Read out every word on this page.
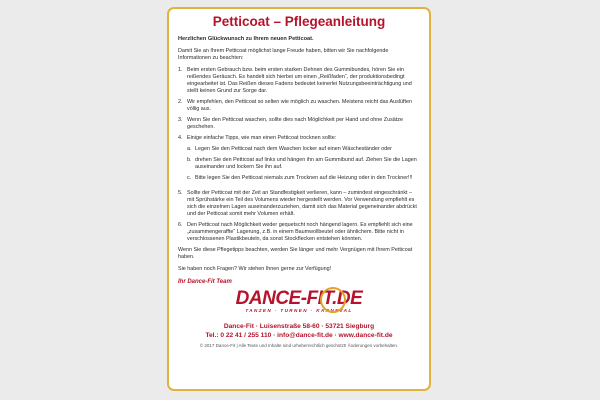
Petticoat – Pflegeanleitung
Herzlichen Glückwunsch zu Ihrem neuen Petticoat.
Damit Sie an Ihrem Petticoat möglichst lange Freude haben, bitten wir Sie nachfolgende Informationen zu beachten:
1. Beim ersten Gebrauch bzw. beim ersten starken Dehnen des Gummibundes, hören Sie ein reißendes Geräusch. Es handelt sich hierbei um einen „Reißfaden“, der produktionsbedingt eingearbeitet ist. Das Reißen dieses Fadens bedeutet keinerlei Nutzungsbeeinträchtigung und stellt keinen Grund zur Sorge dar.
2. Wir empfehlen, den Petticoat so selten wie möglich zu waschen. Meistens reicht das Auslüften völlig aus.
3. Wenn Sie den Petticoat waschen, sollte dies nach Möglichkeit per Hand und ohne Zusätze geschehen.
4. Einige einfache Tipps, wie man einen Petticoat trocknen sollte:
a. Legen Sie den Petticoat nach dem Waschen locker auf einen Wäscheständer oder
b. drehen Sie den Petticoat auf links und hängen ihn am Gummibund auf. Ziehen Sie die Lagen auseinander und lockern Sie ihn auf.
c. Bitte legen Sie den Petticoat niemals zum Trocknen auf die Heizung oder in den Trockner!!!
5. Sollte der Petticoat mit der Zeit an Standfestigkeit verlieren, kann – zumindest eingeschränkt – mit Sprühstärke ein Teil des Volumens wieder hergestellt werden. Vor Verwendung empfiehlt es sich die einzelnen Lagen auseinanderzuziehen, damit sich das Material gegeneinander abdrückt und der Petticoat somit mehr Volumen erhält.
6. Den Petticoat nach Möglichkeit weder gequetscht noch hängend lagern. Es empfiehlt sich eine „zusammengeraffte“ Lagerung, z.B. in einem Baumwollbeutel oder ähnlichem. Bitte nicht in verschlossenen Plastikbeuteln, da sonst Stockflecken entstehen könnten.
Wenn Sie diese Pflegetipps beachten, werden Sie länger und mehr Vergnügen mit Ihrem Petticoat haben.
Sie haben noch Fragen? Wir stehen Ihnen gerne zur Verfügung!
Ihr Dance-Fit Team
DANCE-FIT.DE
TANZEN · TURNEN · KARNEVAL
Dance-Fit · Luisenstraße 58-60 · 53721 Siegburg
Tel.: 0 22 41 / 255 110 · info@dance-fit.de · www.dance-fit.de
© 2017 Dance-Fit | Alle Texte und Inhalte sind urheberrechtlich geschützt! Änderungen vorbehalten.
